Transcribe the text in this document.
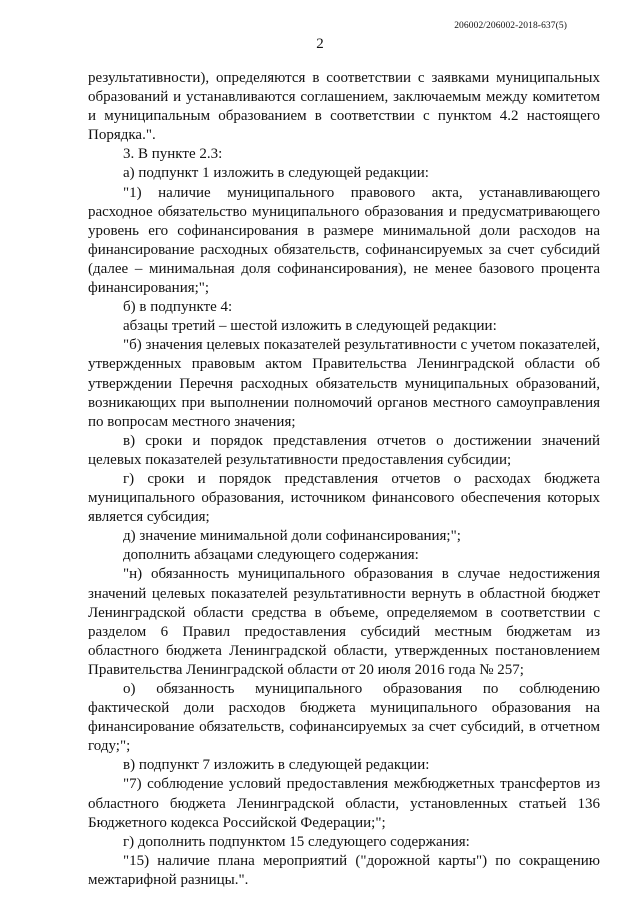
206002/206002-2018-637(5)
2

результативности), определяются в соответствии с заявками муниципальных образований и устанавливаются соглашением, заключаемым между комитетом и муниципальным образованием в соответствии с пунктом 4.2 настоящего Порядка.".

3. В пункте 2.3:

а) подпункт 1 изложить в следующей редакции:

"1) наличие муниципального правового акта, устанавливающего расходное обязательство муниципального образования и предусматривающего уровень его софинансирования в размере минимальной доли расходов на финансирование расходных обязательств, софинансируемых за счет субсидий (далее – минимальная доля софинансирования), не менее базового процента финансирования;";

б) в подпункте 4:

абзацы третий – шестой изложить в следующей редакции:

"б) значения целевых показателей результативности с учетом показателей, утвержденных правовым актом Правительства Ленинградской области об утверждении Перечня расходных обязательств муниципальных образований, возникающих при выполнении полномочий органов местного самоуправления по вопросам местного значения;

в) сроки и порядок представления отчетов о достижении значений целевых показателей результативности предоставления субсидии;

г) сроки и порядок представления отчетов о расходах бюджета муниципального образования, источником финансового обеспечения которых является субсидия;

д) значение минимальной доли софинансирования;";

дополнить абзацами следующего содержания:

"н) обязанность муниципального образования в случае недостижения значений целевых показателей результативности вернуть в областной бюджет Ленинградской области средства в объеме, определяемом в соответствии с разделом 6 Правил предоставления субсидий местным бюджетам из областного бюджета Ленинградской области, утвержденных постановлением Правительства Ленинградской области от 20 июля 2016 года № 257;

о) обязанность муниципального образования по соблюдению фактической доли расходов бюджета муниципального образования на финансирование обязательств, софинансируемых за счет субсидий, в отчетном году;";

в) подпункт 7 изложить в следующей редакции:

"7) соблюдение условий предоставления межбюджетных трансфертов из областного бюджета Ленинградской области, установленных статьей 136 Бюджетного кодекса Российской Федерации;";

г) дополнить подпунктом 15 следующего содержания:

"15) наличие плана мероприятий ("дорожной карты") по сокращению межтарифной разницы.".
